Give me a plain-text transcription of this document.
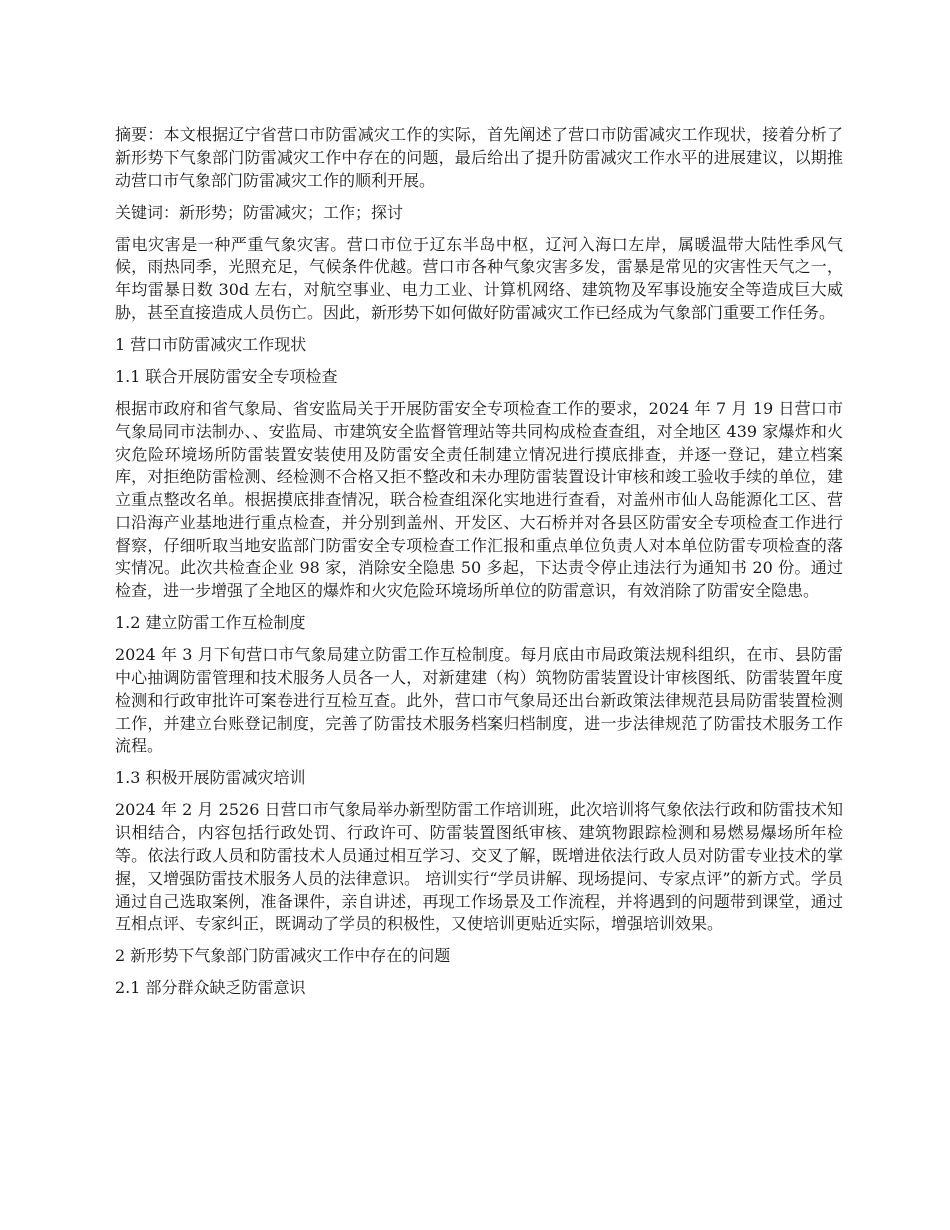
摘要：本文根据辽宁省营口市防雷减灾工作的实际，首先阐述了营口市防雷减灾工作现状，接着分析了新形势下气象部门防雷减灾工作中存在的问题，最后给出了提升防雷减灾工作水平的进展建议，以期推动营口市气象部门防雷减灾工作的顺利开展。

关键词：新形势；防雷减灾；工作；探讨

雷电灾害是一种严重气象灾害。营口市位于辽东半岛中枢，辽河入海口左岸，属暖温带大陆性季风气候，雨热同季，光照充足，气候条件优越。营口市各种气象灾害多发，雷暴是常见的灾害性天气之一，年均雷暴日数 30d 左右，对航空事业、电力工业、计算机网络、建筑物及军事设施安全等造成巨大威胁，甚至直接造成人员伤亡。因此，新形势下如何做好防雷减灾工作已经成为气象部门重要工作任务。

1 营口市防雷减灾工作现状

1.1 联合开展防雷安全专项检查

根据市政府和省气象局、省安监局关于开展防雷安全专项检查工作的要求，2024 年 7 月 19 日营口市气象局同市法制办、、安监局、市建筑安全监督管理站等共同构成检查查组，对全地区 439 家爆炸和火灾危险环境场所防雷装置安装使用及防雷安全责任制建立情况进行摸底排查，并逐一登记，建立档案库，对拒绝防雷检测、经检测不合格又拒不整改和未办理防雷装置设计审核和竣工验收手续的单位，建立重点整改名单。根据摸底排查情况，联合检查组深化实地进行查看，对盖州市仙人岛能源化工区、营口沿海产业基地进行重点检查，并分别到盖州、开发区、大石桥并对各县区防雷安全专项检查工作进行督察，仔细听取当地安监部门防雷安全专项检查工作汇报和重点单位负责人对本单位防雷专项检查的落实情况。此次共检查企业 98 家，消除安全隐患 50 多起，下达责令停止违法行为通知书 20 份。通过检查，进一步增强了全地区的爆炸和火灾危险环境场所单位的防雷意识，有效消除了防雷安全隐患。

1.2 建立防雷工作互检制度

2024 年 3 月下旬营口市气象局建立防雷工作互检制度。每月底由市局政策法规科组织，在市、县防雷中心抽调防雷管理和技术服务人员各一人，对新建建（构）筑物防雷装置设计审核图纸、防雷装置年度检测和行政审批许可案卷进行互检互查。此外，营口市气象局还出台新政策法律规范县局防雷装置检测工作，并建立台账登记制度，完善了防雷技术服务档案归档制度，进一步法律规范了防雷技术服务工作流程。

1.3 积极开展防雷减灾培训

2024 年 2 月 2526 日营口市气象局举办新型防雷工作培训班，此次培训将气象依法行政和防雷技术知识相结合，内容包括行政处罚、行政许可、防雷装置图纸审核、建筑物跟踪检测和易燃易爆场所年检等。依法行政人员和防雷技术人员通过相互学习、交叉了解，既增进依法行政人员对防雷专业技术的掌握，又增强防雷技术服务人员的法律意识。 培训实行“学员讲解、现场提问、专家点评”的新方式。学员通过自己选取案例，准备课件，亲自讲述，再现工作场景及工作流程，并将遇到的问题带到课堂，通过互相点评、专家纠正，既调动了学员的积极性，又使培训更贴近实际，增强培训效果。

2 新形势下气象部门防雷减灾工作中存在的问题

2.1 部分群众缺乏防雷意识
